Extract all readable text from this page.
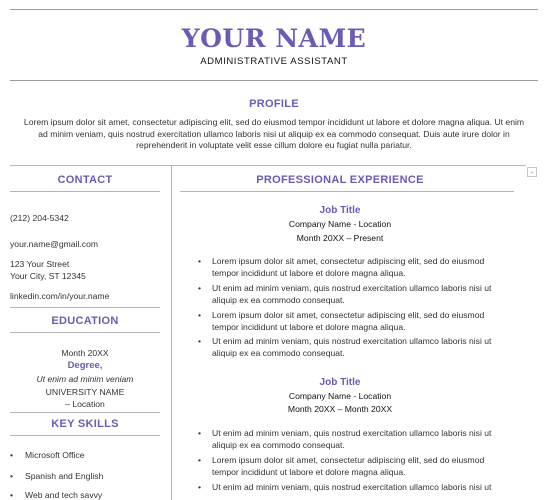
YOUR NAME
ADMINISTRATIVE ASSISTANT
PROFILE
Lorem ipsum dolor sit amet, consectetur adipiscing elit, sed do eiusmod tempor incididunt ut labore et dolore magna aliqua. Ut enim
ad minim veniam, quis nostrud exercitation ullamco laboris nisi ut aliquip ex ea commodo consequat. Duis aute irure dolor in
reprehenderit in voluptate velit esse cillum dolore eu fugiat nulla pariatur.
⌄
CONTACT
(212) 204-5342
your.name@gmail.com
123 Your Street
Your City, ST 12345
linkedin.com/in/your.name
EDUCATION
Month 20XX
Degree,
Ut enim ad minim veniam
UNIVERSITY NAME
– Location
KEY SKILLS
• Microsoft Office
• Spanish and English
• Web and tech savvy
PROFESSIONAL EXPERIENCE
Job Title
Company Name - Location
Month 20XX – Present
• Lorem ipsum dolor sit amet, consectetur adipiscing elit, sed do eiusmod
tempor incididunt ut labore et dolore magna aliqua.
• Ut enim ad minim veniam, quis nostrud exercitation ullamco laboris nisi ut
aliquip ex ea commodo consequat.
• Lorem ipsum dolor sit amet, consectetur adipiscing elit, sed do eiusmod
tempor incididunt ut labore et dolore magna aliqua.
• Ut enim ad minim veniam, quis nostrud exercitation ullamco laboris nisi ut
aliquip ex ea commodo consequat.
Job Title
Company Name - Location
Month 20XX – Month 20XX
• Ut enim ad minim veniam, quis nostrud exercitation ullamco laboris nisi ut
aliquip ex ea commodo consequat.
• Lorem ipsum dolor sit amet, consectetur adipiscing elit, sed do eiusmod
tempor incididunt ut labore et dolore magna aliqua.
• Ut enim ad minim veniam, quis nostrud exercitation ullamco laboris nisi ut
